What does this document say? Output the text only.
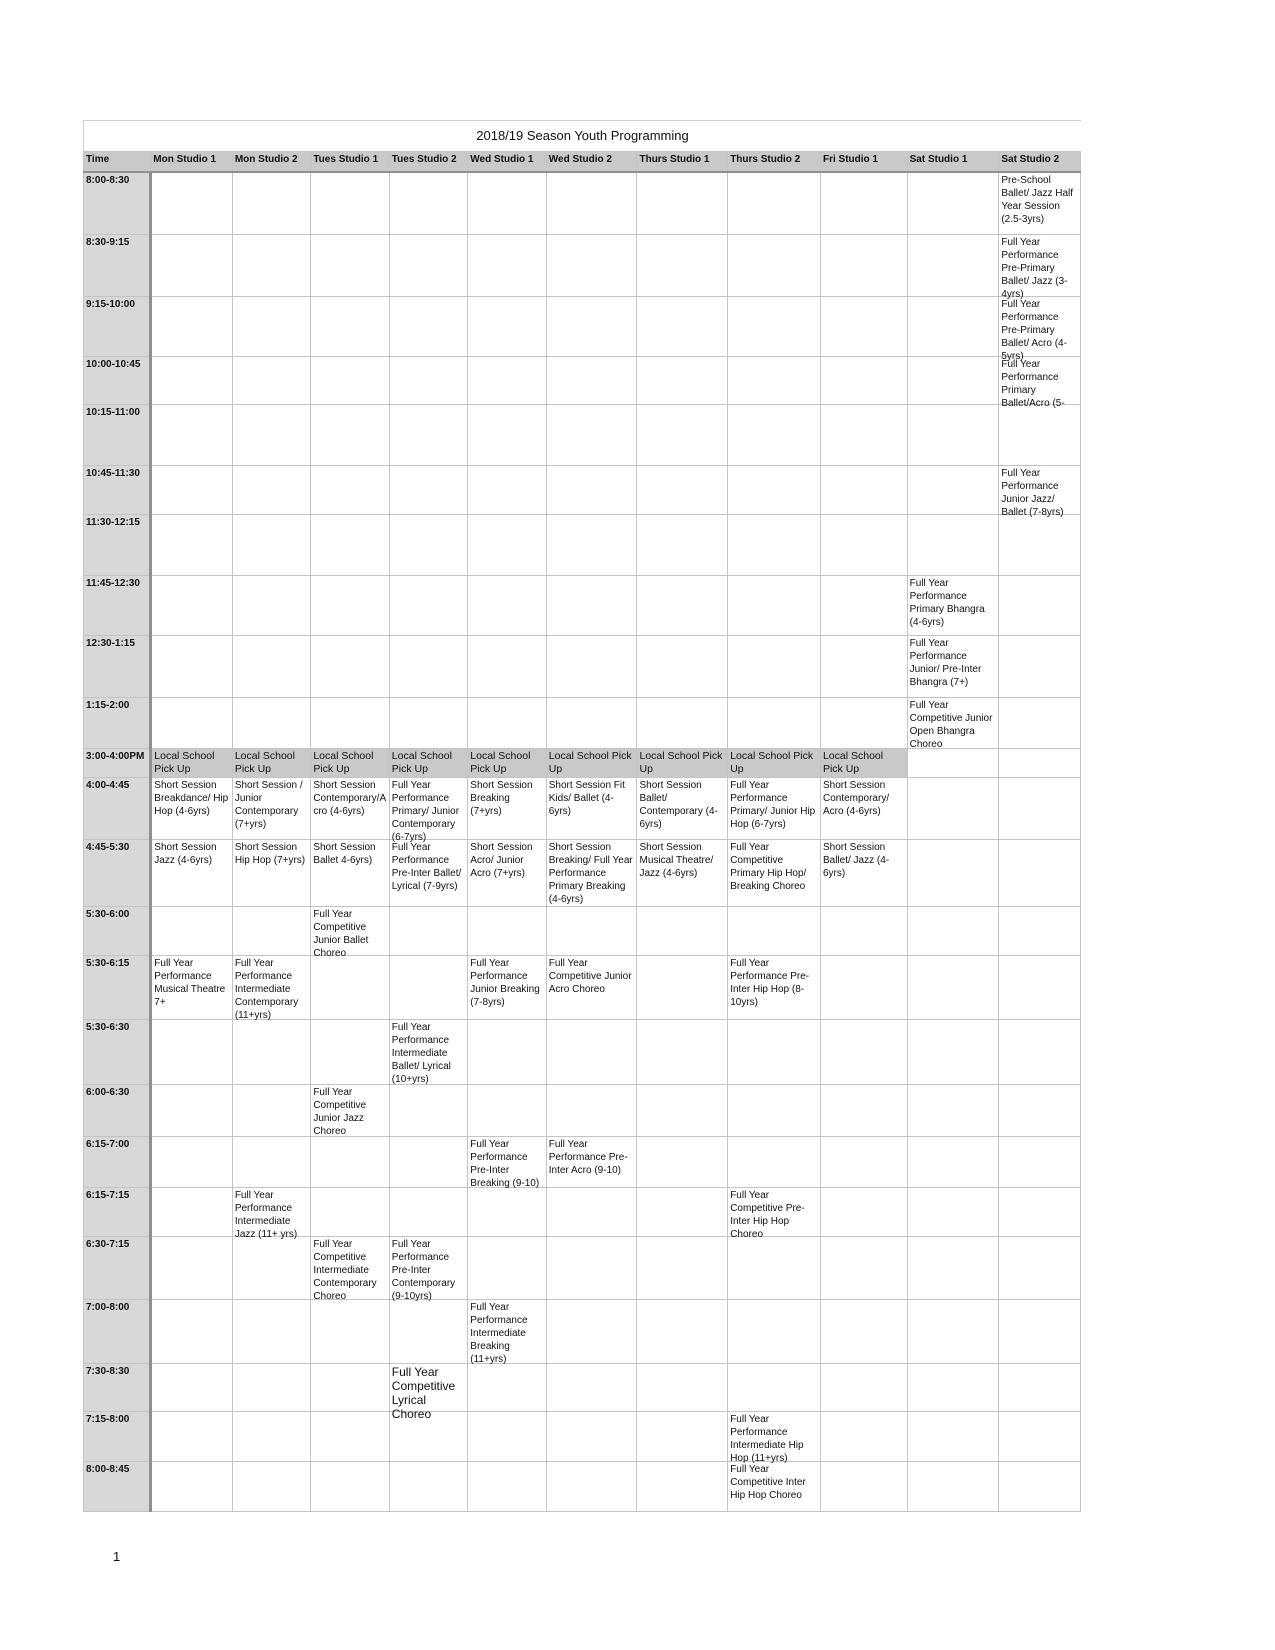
2018/19 Season Youth Programming
Time	Mon Studio 1	Mon Studio 2	Tues Studio 1	Tues Studio 2	Wed Studio 1	Wed Studio 2	Thurs Studio 1	Thurs Studio 2	Fri Studio 1	Sat Studio 1	Sat Studio 2
8:00-8:30											Pre-School Ballet/ Jazz Half Year Session (2.5-3yrs)

8:30-9:15											Full Year Performance Pre-Primary Ballet/ Jazz (3-4yrs)

9:15-10:00											Full Year Performance Pre-Primary Ballet/ Acro (4-5yrs)

10:00-10:45											Full Year Performance Primary Ballet/Acro (5-

10:15-11:00	

10:45-11:30											Full Year Performance Junior Jazz/ Ballet (7-8yrs)

11:30-12:15	

11:45-12:30										Full Year Performance Primary Bhangra (4-6yrs)	

12:30-1:15										Full Year Performance Junior/ Pre-Inter Bhangra (7+)	

1:15-2:00										Full Year Competitive Junior Open Bhangra Choreo	

3:00-4:00PM	Local School Pick Up	Local School Pick Up	Local School Pick Up	Local School Pick Up	Local School Pick Up	Local School Pick Up	Local School Pick Up	Local School Pick Up	Local School Pick Up		

4:00-4:45	Short Session Breakdance/ Hip Hop (4-6yrs)	Short Session / Junior Contemporary (7+yrs)	Short Session Contemporary/Acro (4-6yrs)	Full Year Performance Primary/ Junior Contemporary (6-7yrs)	Short Session Breaking (7+yrs)	Short Session Fit Kids/ Ballet (4-6yrs)	Short Session Ballet/ Contemporary (4-6yrs)	Full Year Performance Primary/ Junior Hip Hop (6-7yrs)	Short Session Contemporary/ Acro (4-6yrs)		

4:45-5:30	Short Session Jazz (4-6yrs)	Short Session Hip Hop (7+yrs)	Short Session Ballet 4-6yrs)	Full Year Performance Pre-Inter Ballet/ Lyrical (7-9yrs)	Short Session Acro/ Junior Acro (7+yrs)	Short Session Breaking/ Full Year Performance Primary Breaking (4-6yrs)	Short Session Musical Theatre/ Jazz (4-6yrs)	Full Year Competitive Primary Hip Hop/ Breaking Choreo	Short Session Ballet/ Jazz (4-6yrs)		

5:30-6:00			Full Year Competitive Junior Ballet Choreo								

5:30-6:15	Full Year Performance Musical Theatre 7+	Full Year Performance Intermediate Contemporary (11+yrs)			Full Year Performance Junior Breaking (7-8yrs)	Full Year Competitive Junior Acro Choreo		Full Year Performance Pre-Inter Hip Hop (8-10yrs)			

5:30-6:30				Full Year Performance Intermediate Ballet/ Lyrical (10+yrs)							

6:00-6:30			Full Year Competitive Junior Jazz Choreo								

6:15-7:00					Full Year Performance Pre-Inter Breaking (9-10)	Full Year Performance Pre-Inter Acro (9-10)					

6:15-7:15		Full Year Performance Intermediate Jazz (11+ yrs)						Full Year Competitive Pre-Inter Hip Hop Choreo			

6:30-7:15			Full Year Competitive Intermediate Contemporary Choreo	Full Year Performance Pre-Inter Contemporary (9-10yrs)							

7:00-8:00					Full Year Performance Intermediate Breaking (11+yrs)						

7:30-8:30				Full Year Competitive Lyrical Choreo							

7:15-8:00								Full Year Performance Intermediate Hip Hop (11+yrs)			

8:00-8:45								Full Year Competitive Inter Hip Hop Choreo			

1
